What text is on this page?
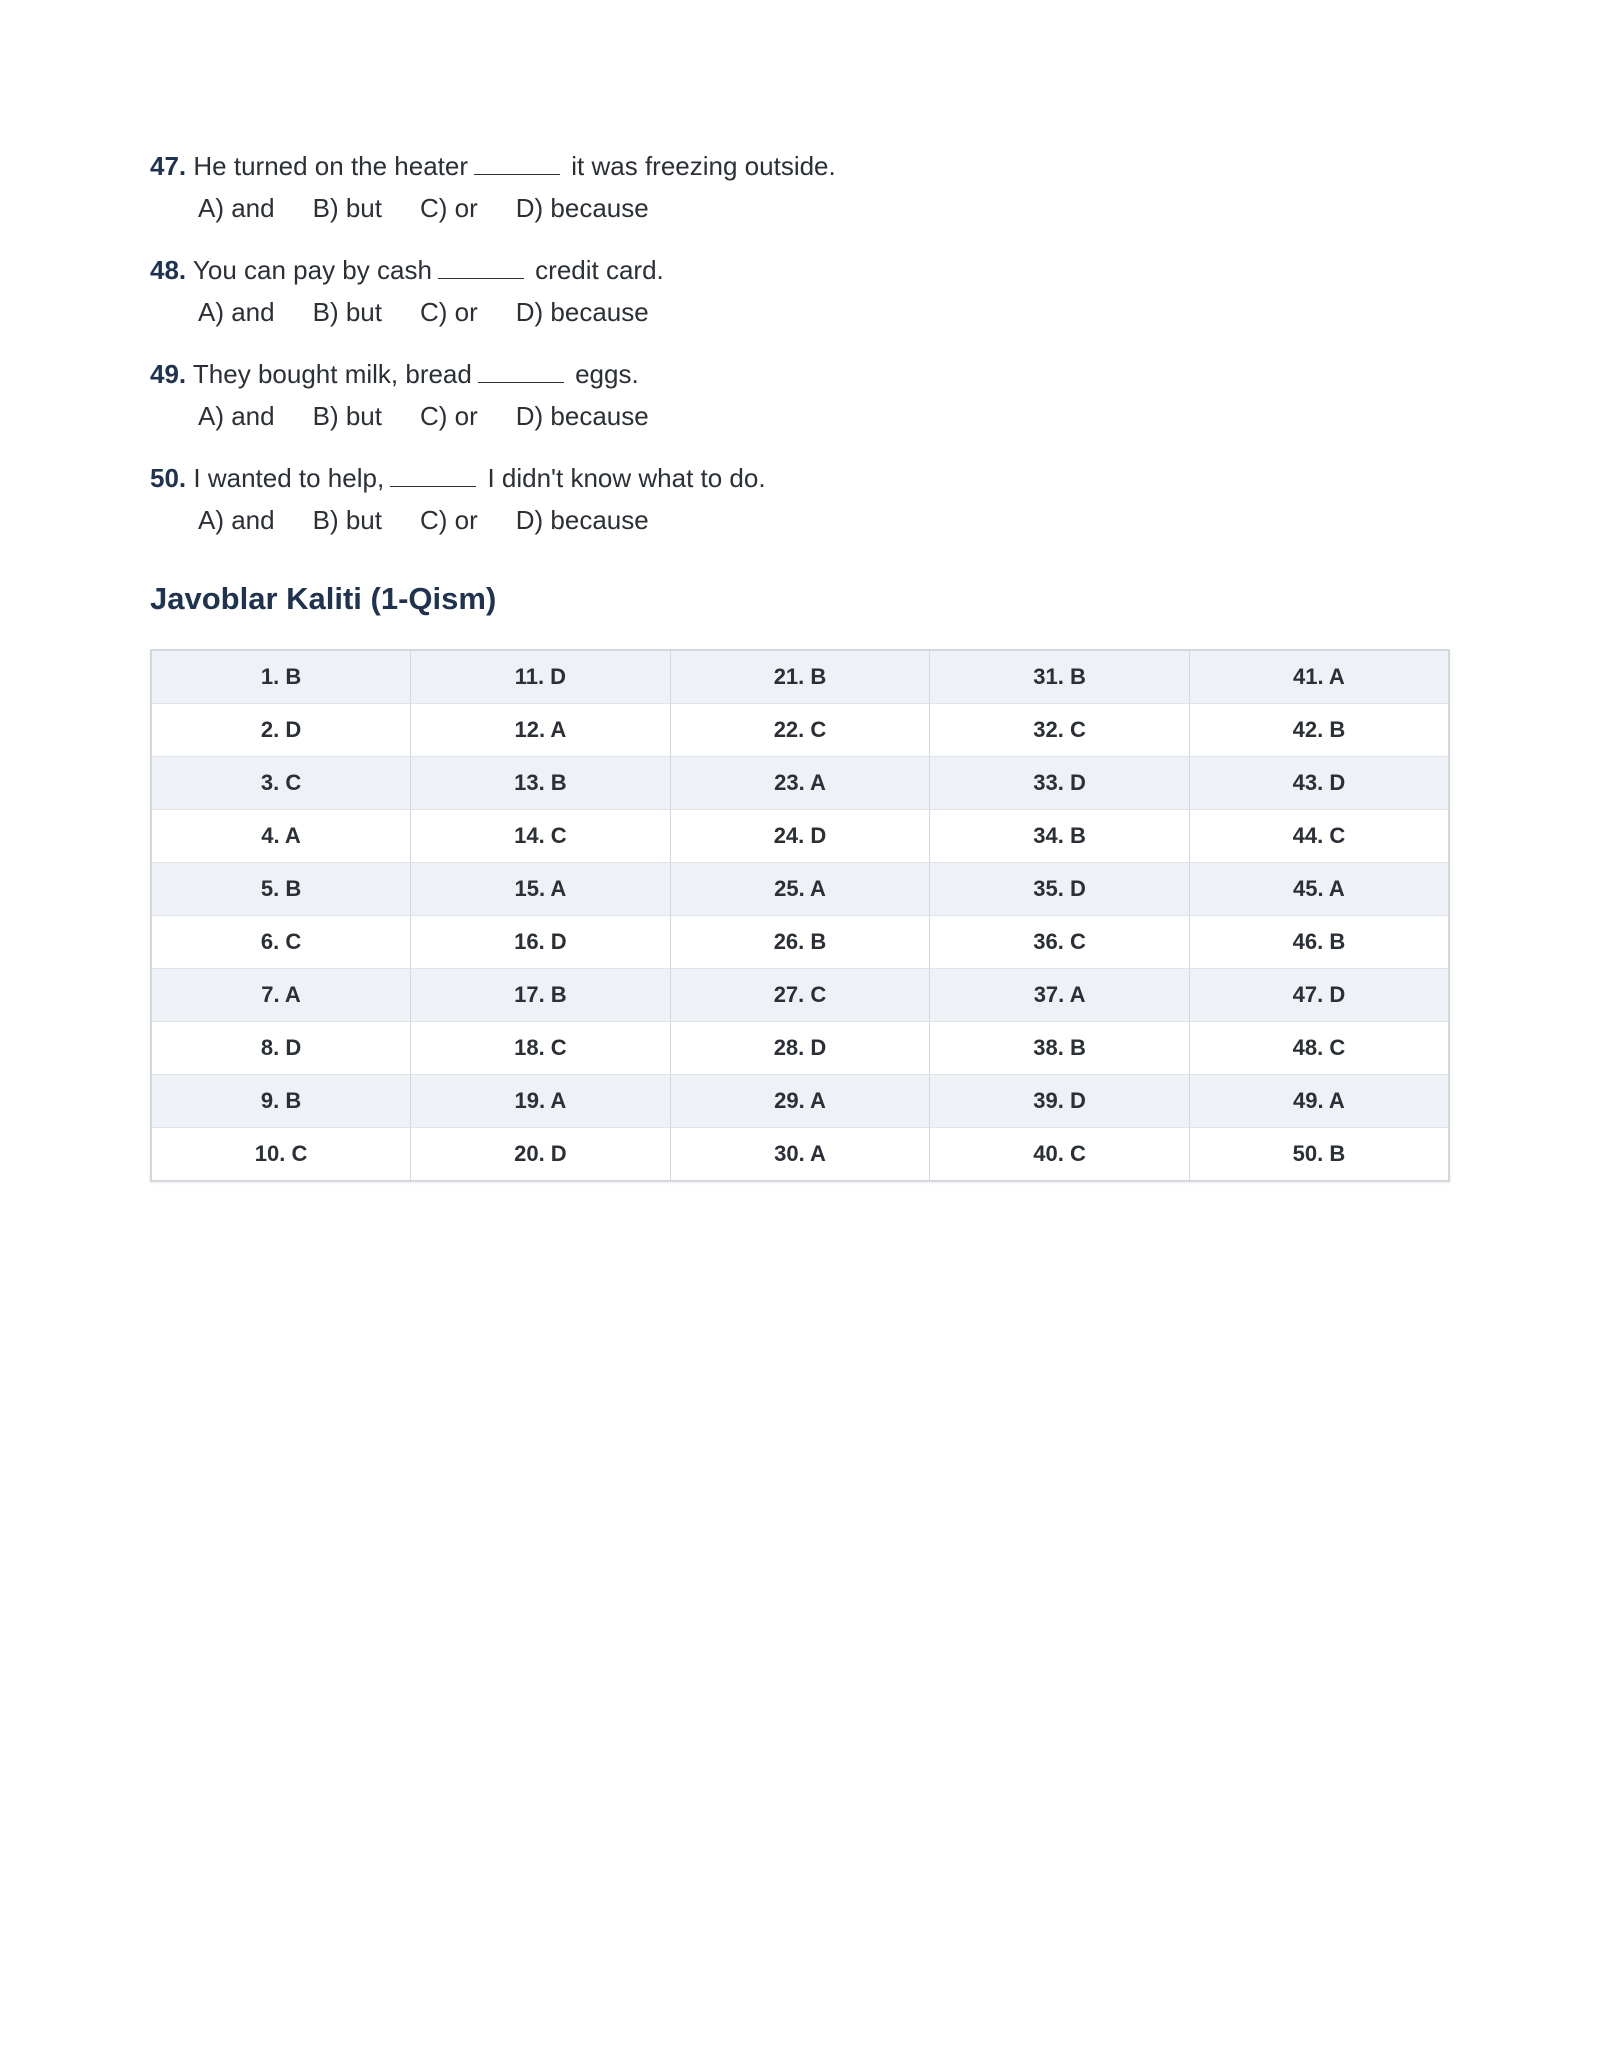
47. He turned on the heater	it was freezing outside.
A) and B) but C) or D) because
48. You can pay by cash	credit card.
A) and B) but C) or D) because
49. They bought milk, bread	eggs.
A) and B) but C) or D) because
50. I wanted to help,	I didn't know what to do.
A) and B) but C) or D) because
Javoblar Kaliti (1-Qism)
1. B	11. D	21. B	31. B	41. A
2. D	12. A	22. C	32. C	42. B
3. C	13. B	23. A	33. D	43. D
4. A	14. C	24. D	34. B	44. C
5. B	15. A	25. A	35. D	45. A
6. C	16. D	26. B	36. C	46. B
7. A	17. B	27. C	37. A	47. D
8. D	18. C	28. D	38. B	48. C
9. B	19. A	29. A	39. D	49. A
10. C	20. D	30. A	40. C	50. B
